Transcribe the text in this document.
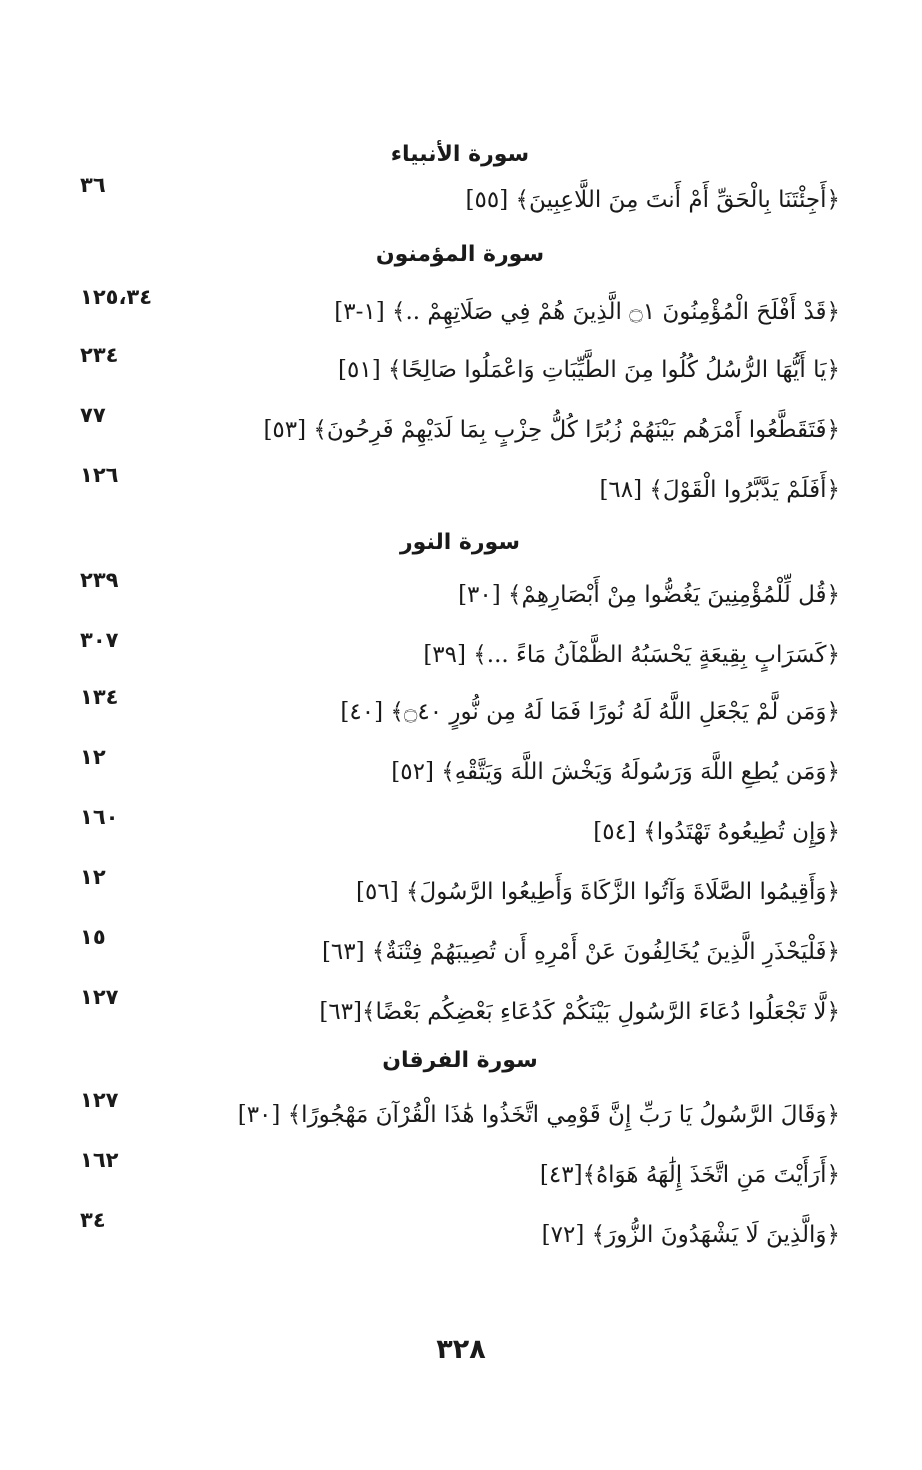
سورة الأنبياء
﴿أَجِئْتَنَا بِالْحَقِّ أَمْ أَنتَ مِنَ اللَّاعِبِينَ﴾ [٥٥]
٣٦
سورة المؤمنون
﴿قَدْ أَفْلَحَ الْمُؤْمِنُونَ ۝١ الَّذِينَ هُمْ فِي صَلَاتِهِمْ ..﴾ [١-٣]
١٢٥،٣٤
﴿يَا أَيُّهَا الرُّسُلُ كُلُوا مِنَ الطَّيِّبَاتِ وَاعْمَلُوا صَالِحًا﴾ [٥١]
٢٣٤
﴿فَتَقَطَّعُوا أَمْرَهُم بَيْنَهُمْ زُبُرًا كُلُّ حِزْبٍ بِمَا لَدَيْهِمْ فَرِحُونَ﴾ [٥٣]
٧٧
﴿أَفَلَمْ يَدَّبَّرُوا الْقَوْلَ﴾ [٦٨]
١٢٦
سورة النور
﴿قُل لِّلْمُؤْمِنِينَ يَغُضُّوا مِنْ أَبْصَارِهِمْ﴾ [٣٠]
٢٣٩
﴿كَسَرَابٍ بِقِيعَةٍ يَحْسَبُهُ الظَّمْآنُ مَاءً ...﴾ [٣٩]
٣٠٧
﴿وَمَن لَّمْ يَجْعَلِ اللَّهُ لَهُ نُورًا فَمَا لَهُ مِن نُّورٍ ۝٤٠﴾ [٤٠]
١٣٤
﴿وَمَن يُطِعِ اللَّهَ وَرَسُولَهُ وَيَخْشَ اللَّهَ وَيَتَّقْهِ﴾ [٥٢]
١٢
﴿وَإِن تُطِيعُوهُ تَهْتَدُوا﴾ [٥٤]
١٦٠
﴿وَأَقِيمُوا الصَّلَاةَ وَآتُوا الزَّكَاةَ وَأَطِيعُوا الرَّسُولَ﴾ [٥٦]
١٢
﴿فَلْيَحْذَرِ الَّذِينَ يُخَالِفُونَ عَنْ أَمْرِهِ أَن تُصِيبَهُمْ فِتْنَةٌ﴾ [٦٣]
١٥
﴿لَّا تَجْعَلُوا دُعَاءَ الرَّسُولِ بَيْنَكُمْ كَدُعَاءِ بَعْضِكُم بَعْضًا﴾[٦٣]
١٢٧
سورة الفرقان
﴿وَقَالَ الرَّسُولُ يَا رَبِّ إِنَّ قَوْمِي اتَّخَذُوا هَٰذَا الْقُرْآنَ مَهْجُورًا﴾ [٣٠]
١٢٧
﴿أَرَأَيْتَ مَنِ اتَّخَذَ إِلَٰهَهُ هَوَاهُ﴾[٤٣]
١٦٢
﴿وَالَّذِينَ لَا يَشْهَدُونَ الزُّورَ﴾ [٧٢]
٣٤
٣٢٨
